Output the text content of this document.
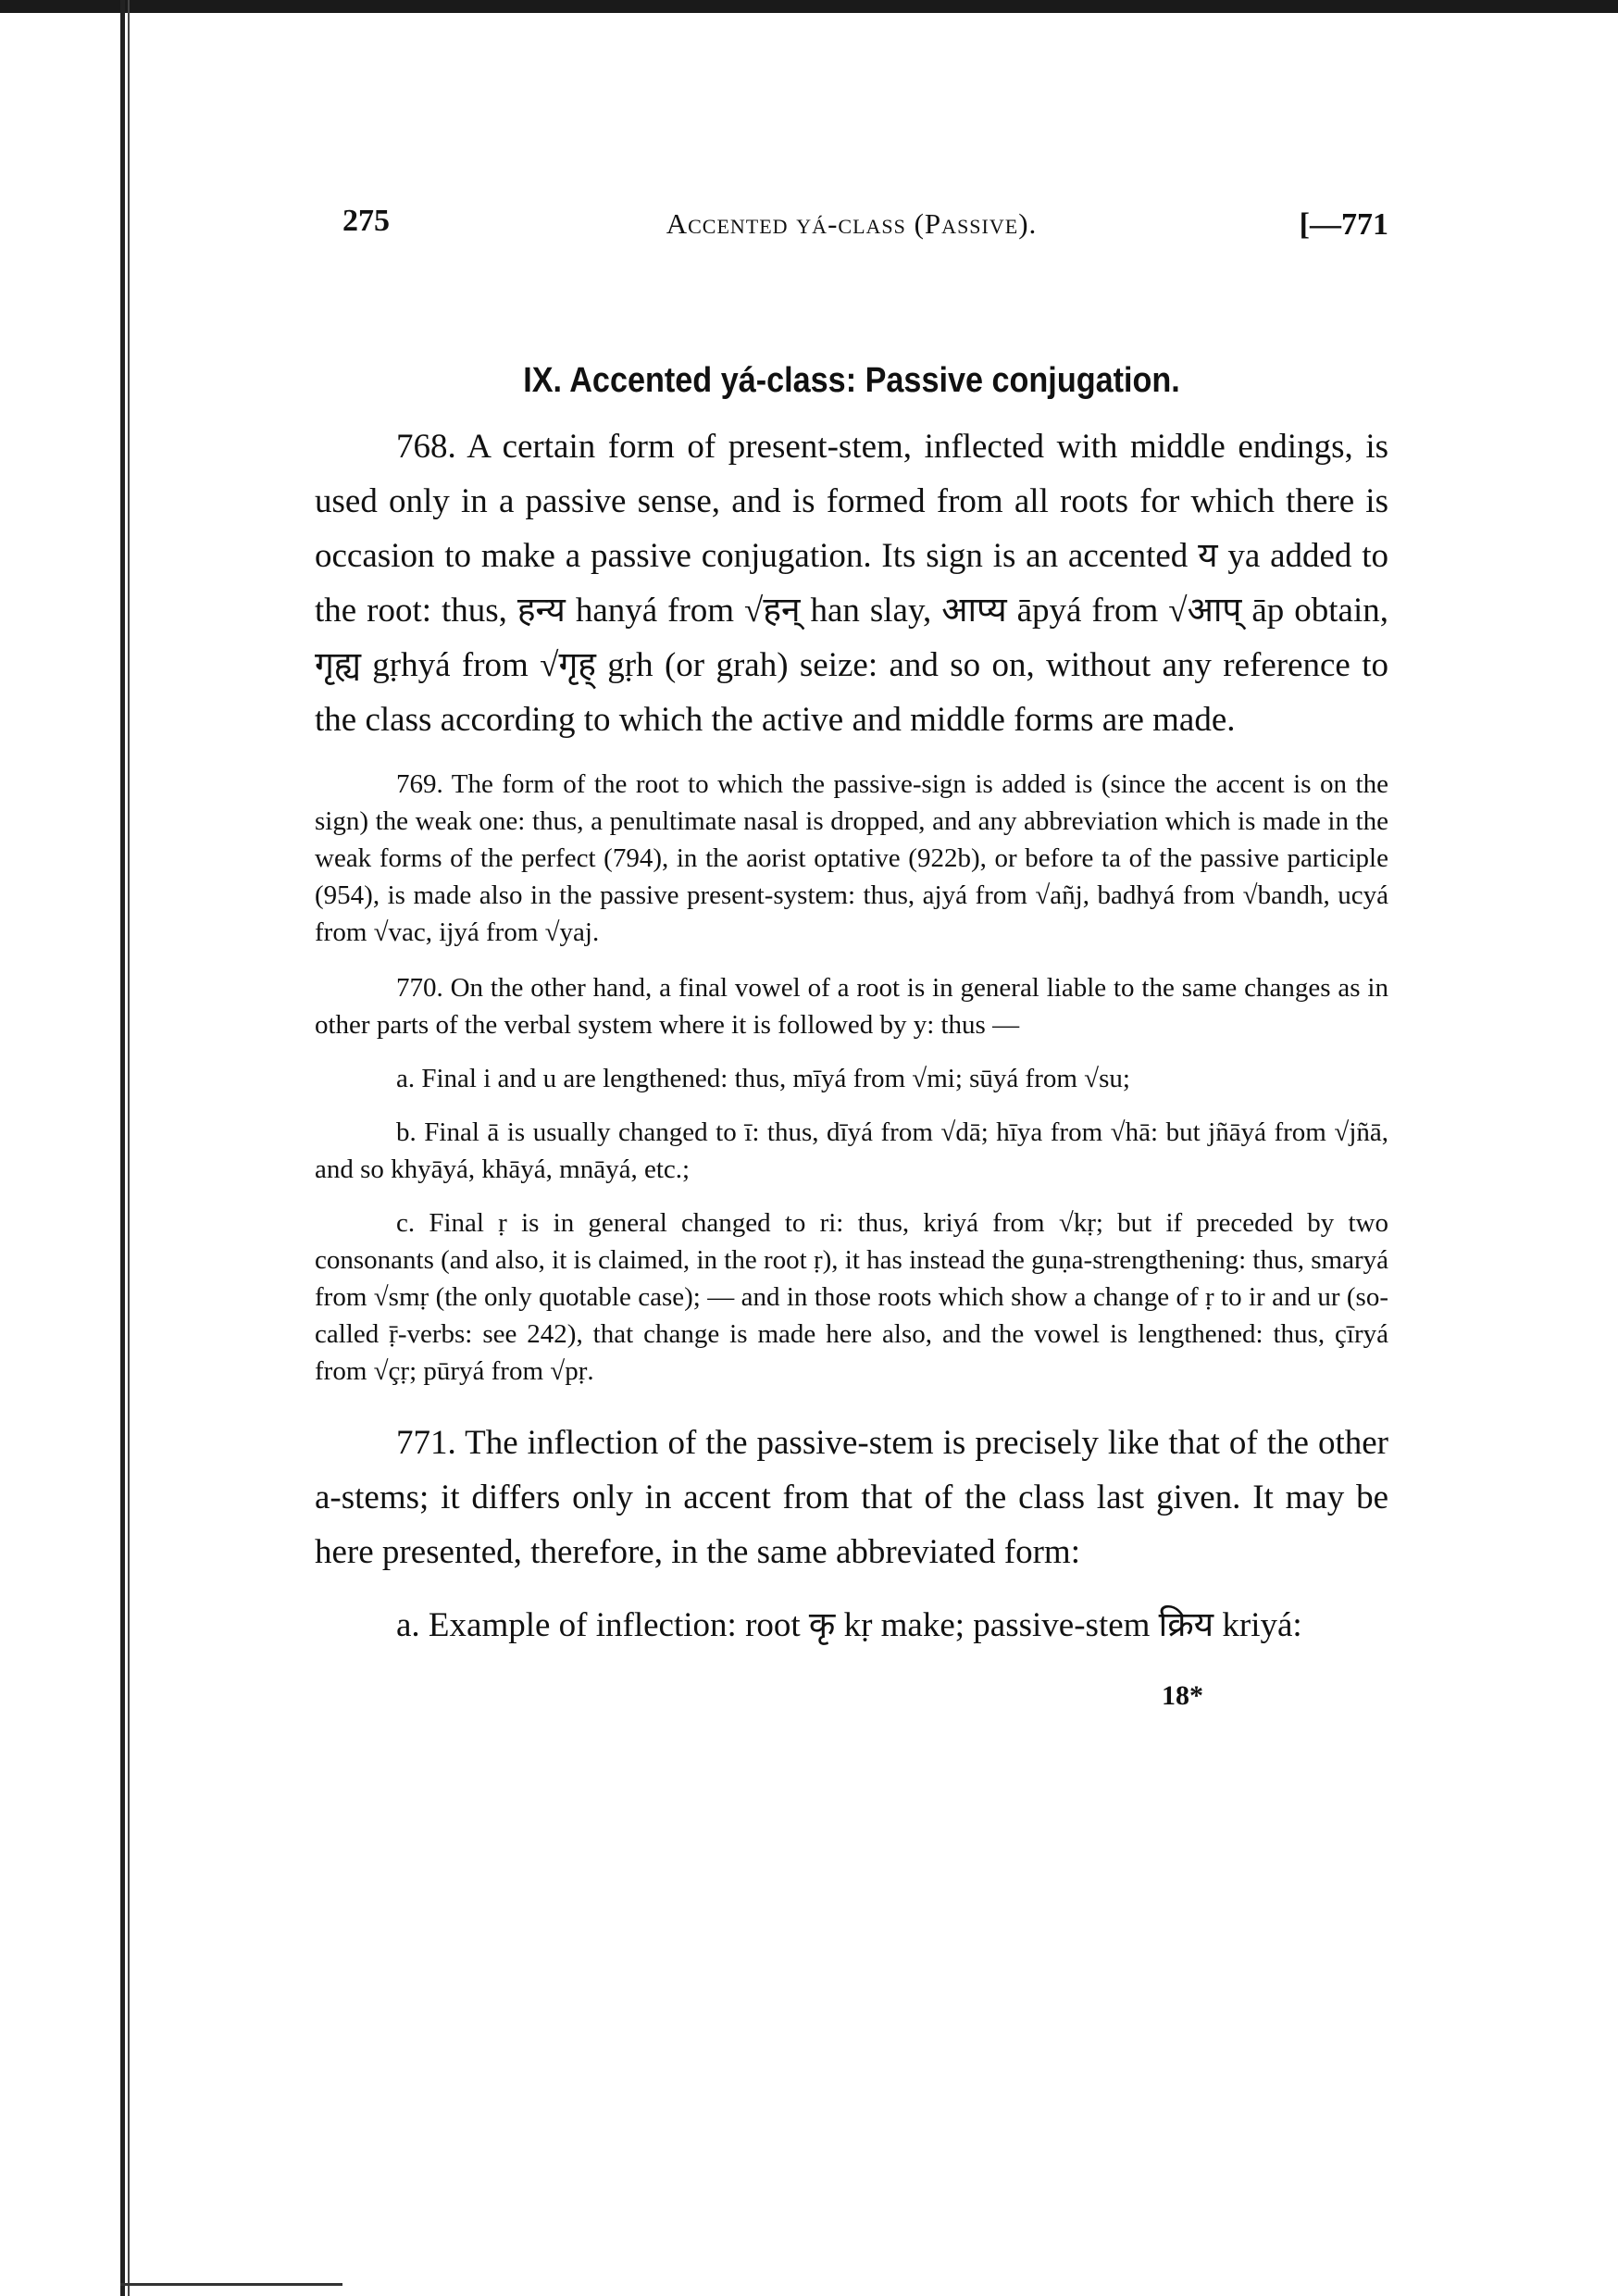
275	Accented yá-class (Passive).	[—771
IX. Accented yá-class: Passive conjugation.

768. A certain form of present-stem, inflected with middle endings, is used only in a passive sense, and is formed from all roots for which there is occasion to make a passive conjugation. Its sign is an accented य ya added to the root: thus, हन्य hanyá from √हन् han slay, आप्य āpyá from √आप् āp obtain, गृह्य gṛhyá from √गृह् gṛh (or grah) seize: and so on, without any reference to the class according to which the active and middle forms are made.

769. The form of the root to which the passive-sign is added is (since the accent is on the sign) the weak one: thus, a penultimate nasal is dropped, and any abbreviation which is made in the weak forms of the perfect (794), in the aorist optative (922b), or before ta of the passive participle (954), is made also in the passive present-system: thus, ajyá from √añj, badhyá from √bandh, ucyá from √vac, ijyá from √yaj.

770. On the other hand, a final vowel of a root is in general liable to the same changes as in other parts of the verbal system where it is followed by y: thus —

a. Final i and u are lengthened: thus, mīyá from √mi; sūyá from √su;

b. Final ā is usually changed to ī: thus, dīyá from √dā; hīya from √hā: but jñāyá from √jñā, and so khyāyá, khāyá, mnāyá, etc.;

c. Final ṛ is in general changed to ri: thus, kriyá from √kṛ; but if preceded by two consonants (and also, it is claimed, in the root ṛ), it has instead the guṇa-strengthening: thus, smaryá from √smṛ (the only quotable case); — and in those roots which show a change of ṛ to ir and ur (so-called ṝ-verbs: see 242), that change is made here also, and the vowel is lengthened: thus, çīryá from √çṛ; pūryá from √pṛ.

771. The inflection of the passive-stem is precisely like that of the other a-stems; it differs only in accent from that of the class last given. It may be here presented, therefore, in the same abbreviated form:

a. Example of inflection: root कृ kṛ make; passive-stem क्रिय kriyá:

18*
